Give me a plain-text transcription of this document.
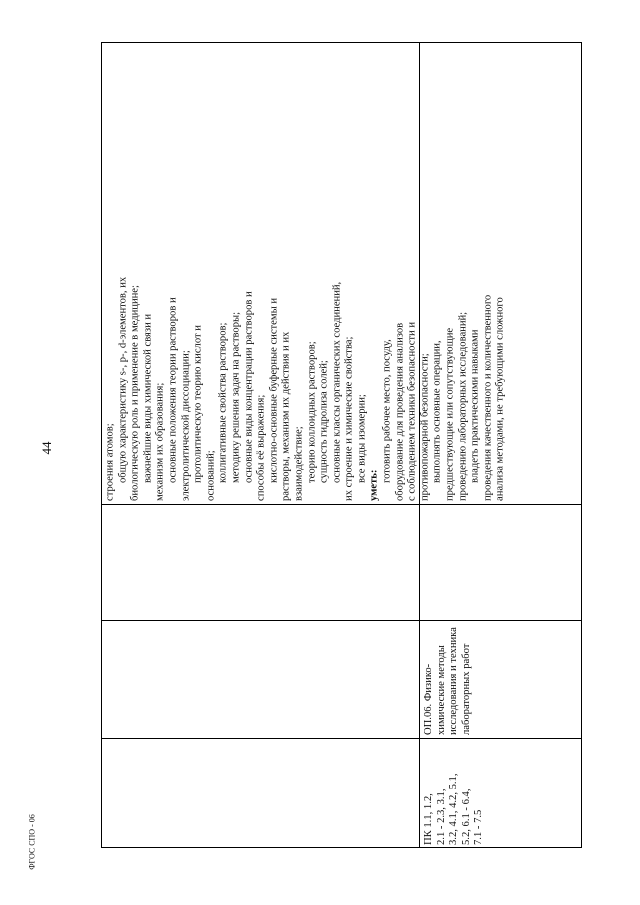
44
ФГОС СПО - 06
строения атомов; общую характеристику s-, p-, d-элементов, их биологическую роль и применение в медицине; важнейшие виды химической связи и механизм их образования; основные положения теории растворов и электролитической диссоциации; протолитическую теорию кислот и оснований; коллигативные свойства растворов; методику решения задач на растворы; основные виды концентрации растворов и способы её выражения; кислотно-основные буферные системы и растворы, механизм их действия и их взаимодействие; теорию коллоидных растворов; сущность гидролиза солей; основные классы органических соединений, их строение и химические свойства; все виды изомерии;
уметь:
готовить рабочее место, посуду, оборудование для проведения анализов с соблюдением техники безопасности и противопожарной безопасности; выполнять основные операции, предшествующие или сопутствующие проведению лабораторных исследований; владеть практическими навыками проведения качественного и количественного анализа методами, не требующими сложного
ОП.06. Физико- химические методы исследования и техника лабораторных работ
ПК 1.1, 1.2, 2.1 - 2.3, 3.1, 3.2, 4.1, 4.2, 5.1, 5.2, 6.1 - 6.4, 7.1 - 7.5
